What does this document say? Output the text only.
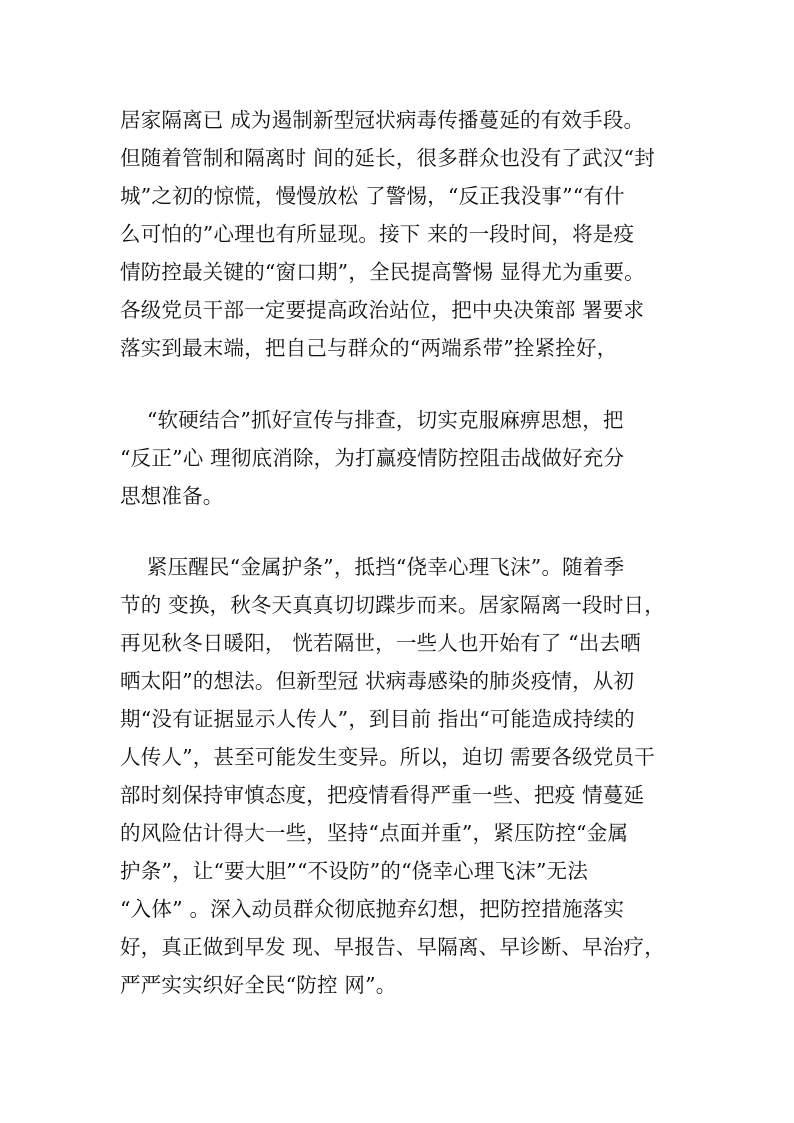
居家隔离已 成为遏制新型冠状病毒传播蔓延的有效手段。
但随着管制和隔离时 间的延长，很多群众也没有了武汉“封
城”之初的惊慌，慢慢放松 了警惕，“反正我没事”“有什
么可怕的”心理也有所显现。接下 来的一段时间，将是疫
情防控最关键的“窗口期”，全民提高警惕 显得尤为重要。
各级党员干部一定要提高政治站位，把中央决策部 署要求
落实到最末端，把自己与群众的“两端系带”拴紧拴好，
“软硬结合”抓好宣传与排查，切实克服麻痹思想，把
“反正”心 理彻底消除，为打赢疫情防控阻击战做好充分
思想准备。
紧压醒民“金属护条”，抵挡“侥幸心理飞沫”。随着季
节的 变换，秋冬天真真切切蹀步而来。居家隔离一段时日，
再见秋冬日暖阳， 恍若隔世，一些人也开始有了 “出去晒
晒太阳”的想法。但新型冠 状病毒感染的肺炎疫情，从初
期“没有证据显示人传人”，到目前 指出“可能造成持续的
人传人”，甚至可能发生变异。所以，迫切 需要各级党员干
部时刻保持审慎态度，把疫情看得严重一些、把疫 情蔓延
的风险估计得大一些，坚持“点面并重”，紧压防控“金属
护条”，让“要大胆”“不设防”的“侥幸心理飞沫”无法
“入体” 。深入动员群众彻底抛弃幻想，把防控措施落实
好，真正做到早发 现、早报告、早隔离、早诊断、早治疗，
严严实实织好全民“防控 网”。
